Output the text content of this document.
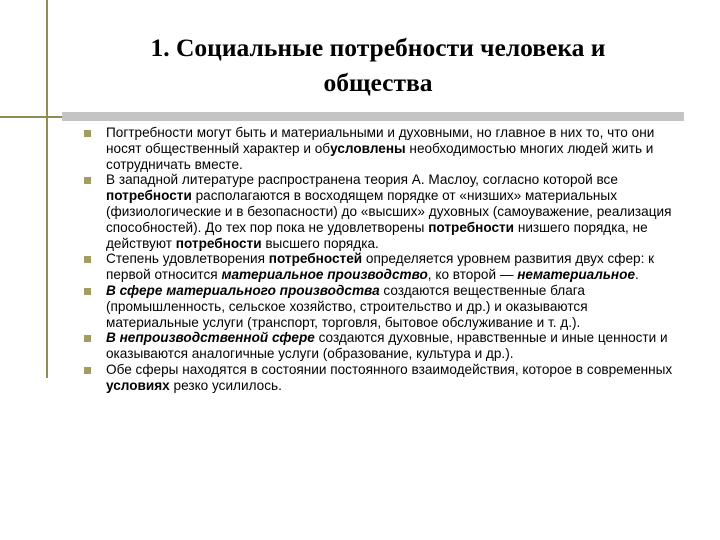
1. Социальные потребности человека и
общества
Погтребности могут быть и материальными и духовными, но главное в них то, что они носят общественный характер и обусловлены необходимостью многих людей жить и сотрудничать вместе.
В западной литературе распространена теория А. Маслоу, согласно которой все потребности располагаются в восходящем порядке от «низших» материальных (физиологические и в безопасности) до «высших» духовных (самоуважение, реализация способностей). До тех пор пока не удовлетворены потребности низшего порядка, не действуют потребности высшего порядка.
Степень удовлетворения потребностей определяется уровнем развития двух сфер: к первой относится материальное производство, ко второй — нематериальное.
В сфере материального производства создаются вещественные блага (промышленность, сельское хозяйство, строительство и др.) и оказываются материальные услуги (транспорт, торговля, бытовое обслуживание и т. д.).
В непроизводственной сфере создаются духовные, нравственные и иные ценности и оказываются аналогичные услуги (образование, культура и др.).
Обе сферы находятся в состоянии постоянного взаимодействия, которое в современных условиях резко усилилось.
